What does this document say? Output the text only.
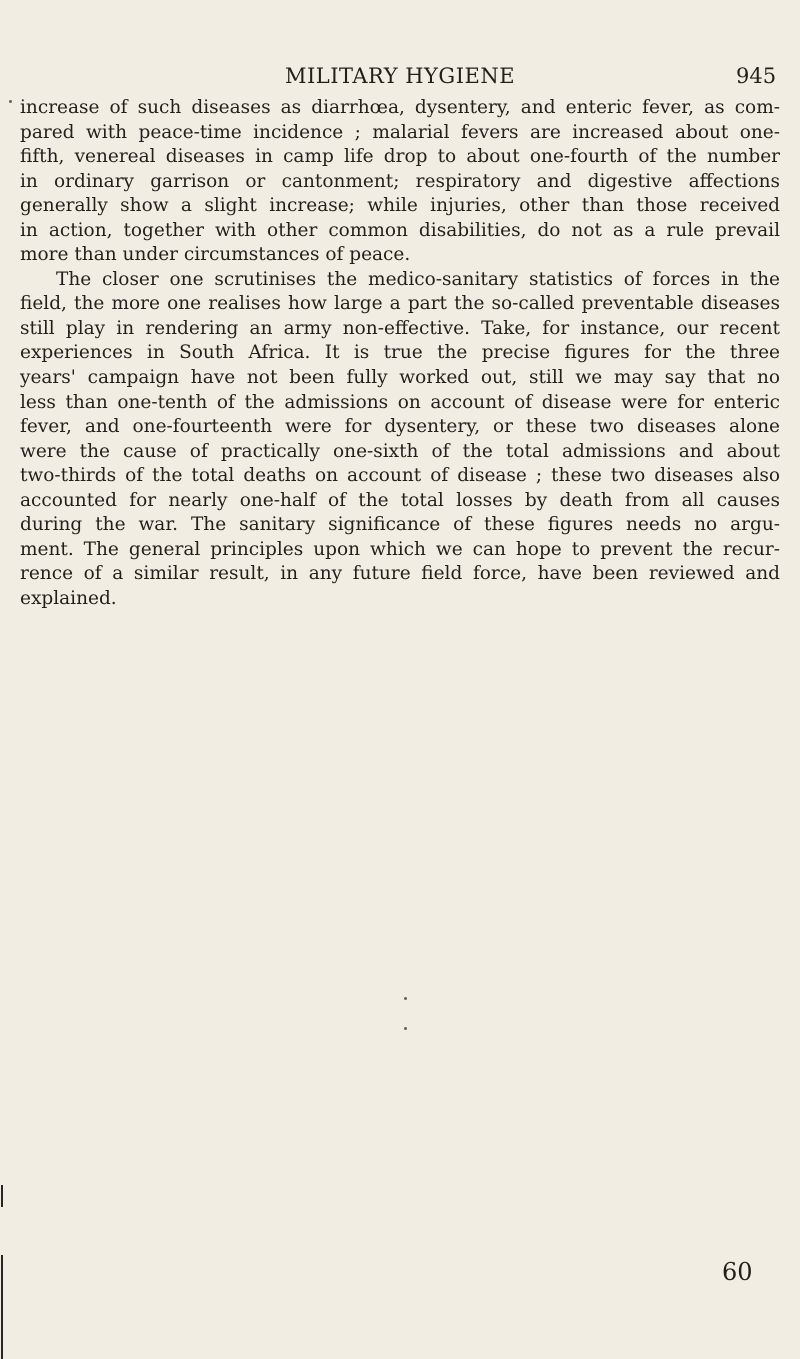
MILITARY HYGIENE	945
increase of such diseases as diarrhœa, dysentery, and enteric fever, as com-
pared with peace-time incidence ; malarial fevers are increased about one-
fifth, venereal diseases in camp life drop to about one-fourth of the number
in ordinary garrison or cantonment; respiratory and digestive affections
generally show a slight increase; while injuries, other than those received
in action, together with other common disabilities, do not as a rule prevail
more than under circumstances of peace.
The closer one scrutinises the medico-sanitary statistics of forces in the
field, the more one realises how large a part the so-called preventable diseases
still play in rendering an army non-effective. Take, for instance, our recent
experiences in South Africa. It is true the precise figures for the three
years' campaign have not been fully worked out, still we may say that no
less than one-tenth of the admissions on account of disease were for enteric
fever, and one-fourteenth were for dysentery, or these two diseases alone
were the cause of practically one-sixth of the total admissions and about
two-thirds of the total deaths on account of disease ; these two diseases also
accounted for nearly one-half of the total losses by death from all causes
during the war. The sanitary significance of these figures needs no argu-
ment. The general principles upon which we can hope to prevent the recur-
rence of a similar result, in any future field force, have been reviewed and
explained.
60
